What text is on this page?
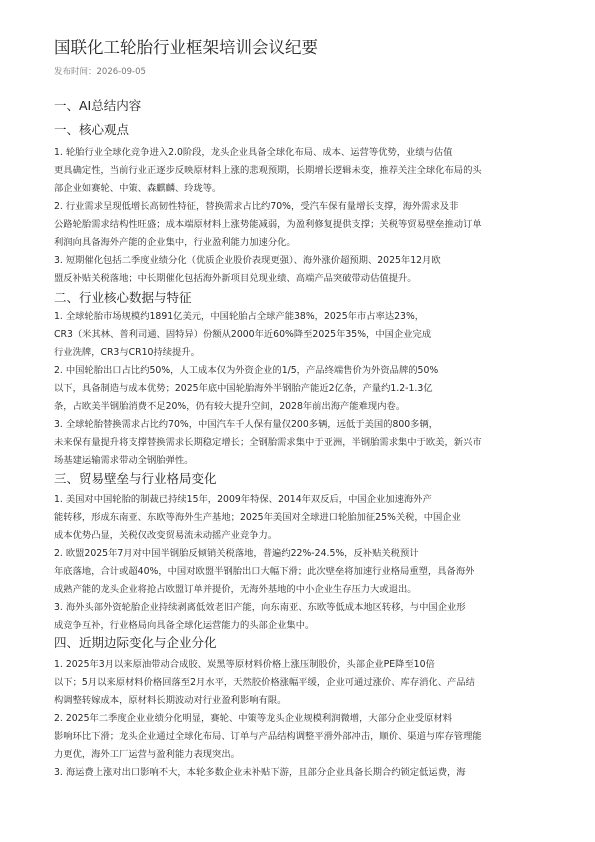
国联化工轮胎行业框架培训会议纪要
发布时间：2026-09-05
一、AI总结内容
一、核心观点
1. 轮胎行业全球化竞争进入2.0阶段，龙头企业具备全球化布局、成本、运营等优势，业绩与估值
更具确定性，当前行业正逐步反映原材料上涨的悲观预期，长期增长逻辑未变，推荐关注全球化布局的头
部企业如赛轮、中策、森麒麟、玲珑等。
2. 行业需求呈现低增长高韧性特征，替换需求占比约70%，受汽车保有量增长支撑，海外需求及非
公路轮胎需求结构性旺盛；成本端原材料上涨势能减弱，为盈利修复提供支撑；关税等贸易壁垒推动订单
利润向具备海外产能的企业集中，行业盈利能力加速分化。
3. 短期催化包括二季度业绩分化（优质企业股价表现更强）、海外涨价超预期、2025年12月欧
盟反补贴关税落地；中长期催化包括海外新项目兑现业绩、高端产品突破带动估值提升。
二、行业核心数据与特征
1. 全球轮胎市场规模约1891亿美元，中国轮胎占全球产能38%，2025年市占率达23%，
CR3（米其林、普利司通、固特异）份额从2000年近60%降至2025年35%，中国企业完成
行业洗牌，CR3与CR10持续提升。
2. 中国轮胎出口占比约50%，人工成本仅为外资企业的1/5，产品终端售价为外资品牌的50%
以下，具备制造与成本优势；2025年底中国轮胎海外半钢胎产能近2亿条，产量约1.2-1.3亿
条，占欧美半钢胎消费不足20%，仍有较大提升空间，2028年前出海产能难现内卷。
3. 全球轮胎替换需求占比约70%，中国汽车千人保有量仅200多辆，远低于美国的800多辆，
未来保有量提升将支撑替换需求长期稳定增长；全钢胎需求集中于亚洲，半钢胎需求集中于欧美，新兴市
场基建运输需求带动全钢胎弹性。
三、贸易壁垒与行业格局变化
1. 美国对中国轮胎的制裁已持续15年，2009年特保、2014年双反后，中国企业加速海外产
能转移，形成东南亚、东欧等海外生产基地；2025年美国对全球进口轮胎加征25%关税，中国企业
成本优势凸显，关税仅改变贸易流未动摇产业竞争力。
2. 欧盟2025年7月对中国半钢胎反倾销关税落地，普遍约22%-24.5%，反补贴关税预计
年底落地，合计或超40%，中国对欧盟半钢胎出口大幅下滑；此次壁垒将加速行业格局重塑，具备海外
成熟产能的龙头企业将抢占欧盟订单并提价，无海外基地的中小企业生存压力大或退出。
3. 海外头部外资轮胎企业持续剥离低效老旧产能，向东南亚、东欧等低成本地区转移，与中国企业形
成竞争互补，行业格局向具备全球化运营能力的头部企业集中。
四、近期边际变化与企业分化
1. 2025年3月以来原油带动合成胶、炭黑等原材料价格上涨压制股价，头部企业PE降至10倍
以下；5月以来原材料价格回落至2月水平，天然胶价格涨幅平缓，企业可通过涨价、库存消化、产品结
构调整转嫁成本，原材料长期波动对行业盈利影响有限。
2. 2025年二季度企业业绩分化明显，赛轮、中策等龙头企业规模利润微增，大部分企业受原材料
影响环比下滑；龙头企业通过全球化布局、订单与产品结构调整平滑外部冲击，顺价、渠道与库存管理能
力更优，海外工厂运营与盈利能力表现突出。
3. 海运费上涨对出口影响不大，本轮多数企业未补贴下游，且部分企业具备长期合约锁定低运费，海
